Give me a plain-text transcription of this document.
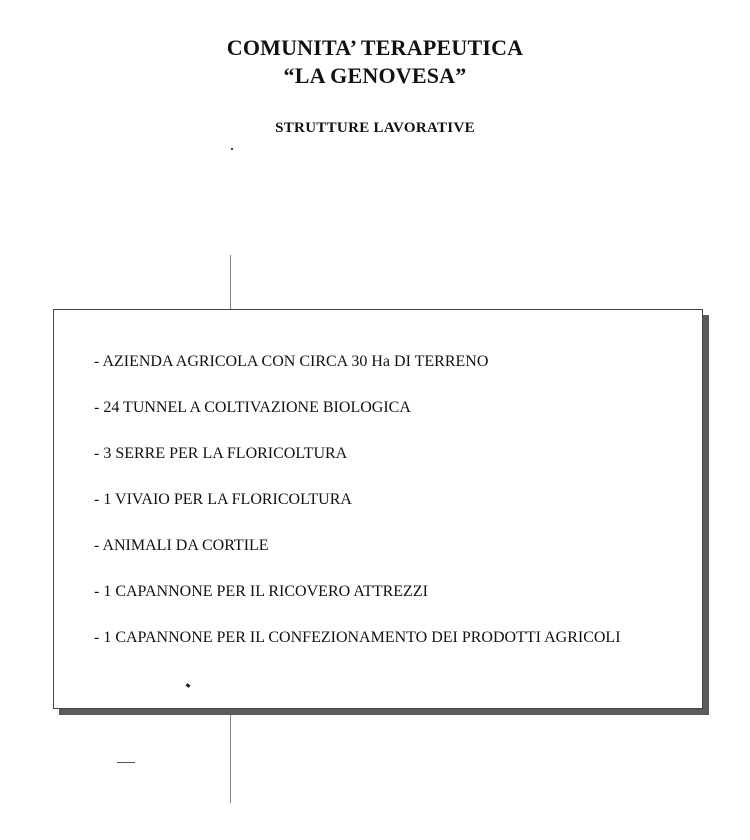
COMUNITA’ TERAPEUTICA
“LA GENOVESA”
STRUTTURE LAVORATIVE
- AZIENDA AGRICOLA CON CIRCA 30 Ha DI TERRENO
- 24 TUNNEL A COLTIVAZIONE BIOLOGICA
- 3 SERRE PER LA FLORICOLTURA
- 1 VIVAIO PER LA FLORICOLTURA
- ANIMALI DA CORTILE
- 1 CAPANNONE PER IL RICOVERO ATTREZZI
- 1 CAPANNONE PER IL CONFEZIONAMENTO DEI PRODOTTI AGRICOLI
